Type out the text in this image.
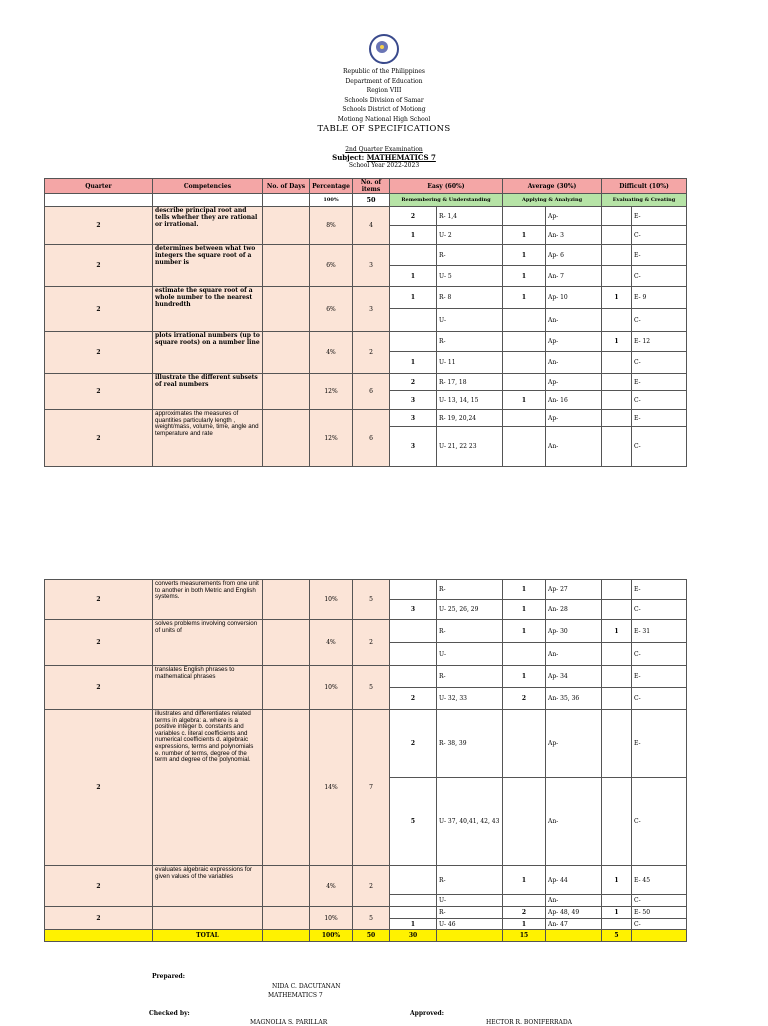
Republic of the Philippines
Department of Education
Region VIII
Schools Division of Samar
Schools District of Motiong
Motiong National High School
TABLE OF SPECIFICATIONS
2nd Quarter Examination
Subject: MATHEMATICS 7
School Year 2022-2023
Quarter	Competencies	No. of Days	Percentage	No. of items	Easy (60%)		Average (30%)		Difficult (10%)	
			100%	50	Remembering & Understanding		Applying & Analyzing		Evaluating & Creating	
2	describe principal root and tells whether they are rational or irrational.		8%	4	2	R- 1,4		Ap-		E-
					1	U- 2	1	An- 3		C-
2	determines between what two integers the square root of a number is		6%	3		R-	1	Ap- 6		E-
					1	U- 5	1	An- 7		C-
2	estimate the square root of a whole number to the nearest hundredth		6%	3	1	R- 8	1	Ap- 10	1	E- 9
						U-		An-		C-
2	plots irrational numbers (up to square roots) on a number line		4%	2		R-		Ap-	1	E- 12
					1	U- 11		An-		C-
2	illustrate the different subsets of real numbers		12%	6	2	R- 17, 18		Ap-		E-
					3	U- 13, 14, 15	1	An- 16		C-
2	approximates the measures of quantities particularly length , weight/mass, volume, time, angle and temperature and rate		12%	6	3	R- 19, 20,24		Ap-		E-
					3	U- 21, 22 23		An-		C-
2	converts measurements from one unit to another in both Metric and English systems.		10%	5		R-	1	Ap- 27		E-
					3	U- 25, 26, 29	1	An- 28		C-
2	solves problems involving conversion of units of		4%	2		R-	1	Ap- 30	1	E- 31
						U-		An-		C-
2	translates English phrases to mathematical phrases		10%	5		R-	1	Ap- 34		E-
					2	U- 32, 33	2	An- 35, 36		C-
2	illustrates and differentiates related terms in algebra: a. where is a positive integer b. constants and variables c. literal coefficients and numerical coefficients d. algebraic expressions, terms and polynomials e. number of terms, degree of the term and degree of the polynomial.		14%	7	2	R- 38, 39		Ap-		E-
					5	U- 37, 40,41, 42, 43		An-		C-
2	evaluates algebraic expressions for given values of the variables		4%	2		R-	1	Ap- 44	1	E- 45
						U-		An-		C-
2			10%	5		R-	2	Ap- 48, 49	1	E- 50
					1	U- 46	1	An- 47		C-
	TOTAL		100%	50	30		15		5	
Prepared:
NIDA C. DACUTANAN
MATHEMATICS 7
Checked by:	Approved:
MAGNOLIA S. PARILLAR	HECTOR R. BONIFERRADA
